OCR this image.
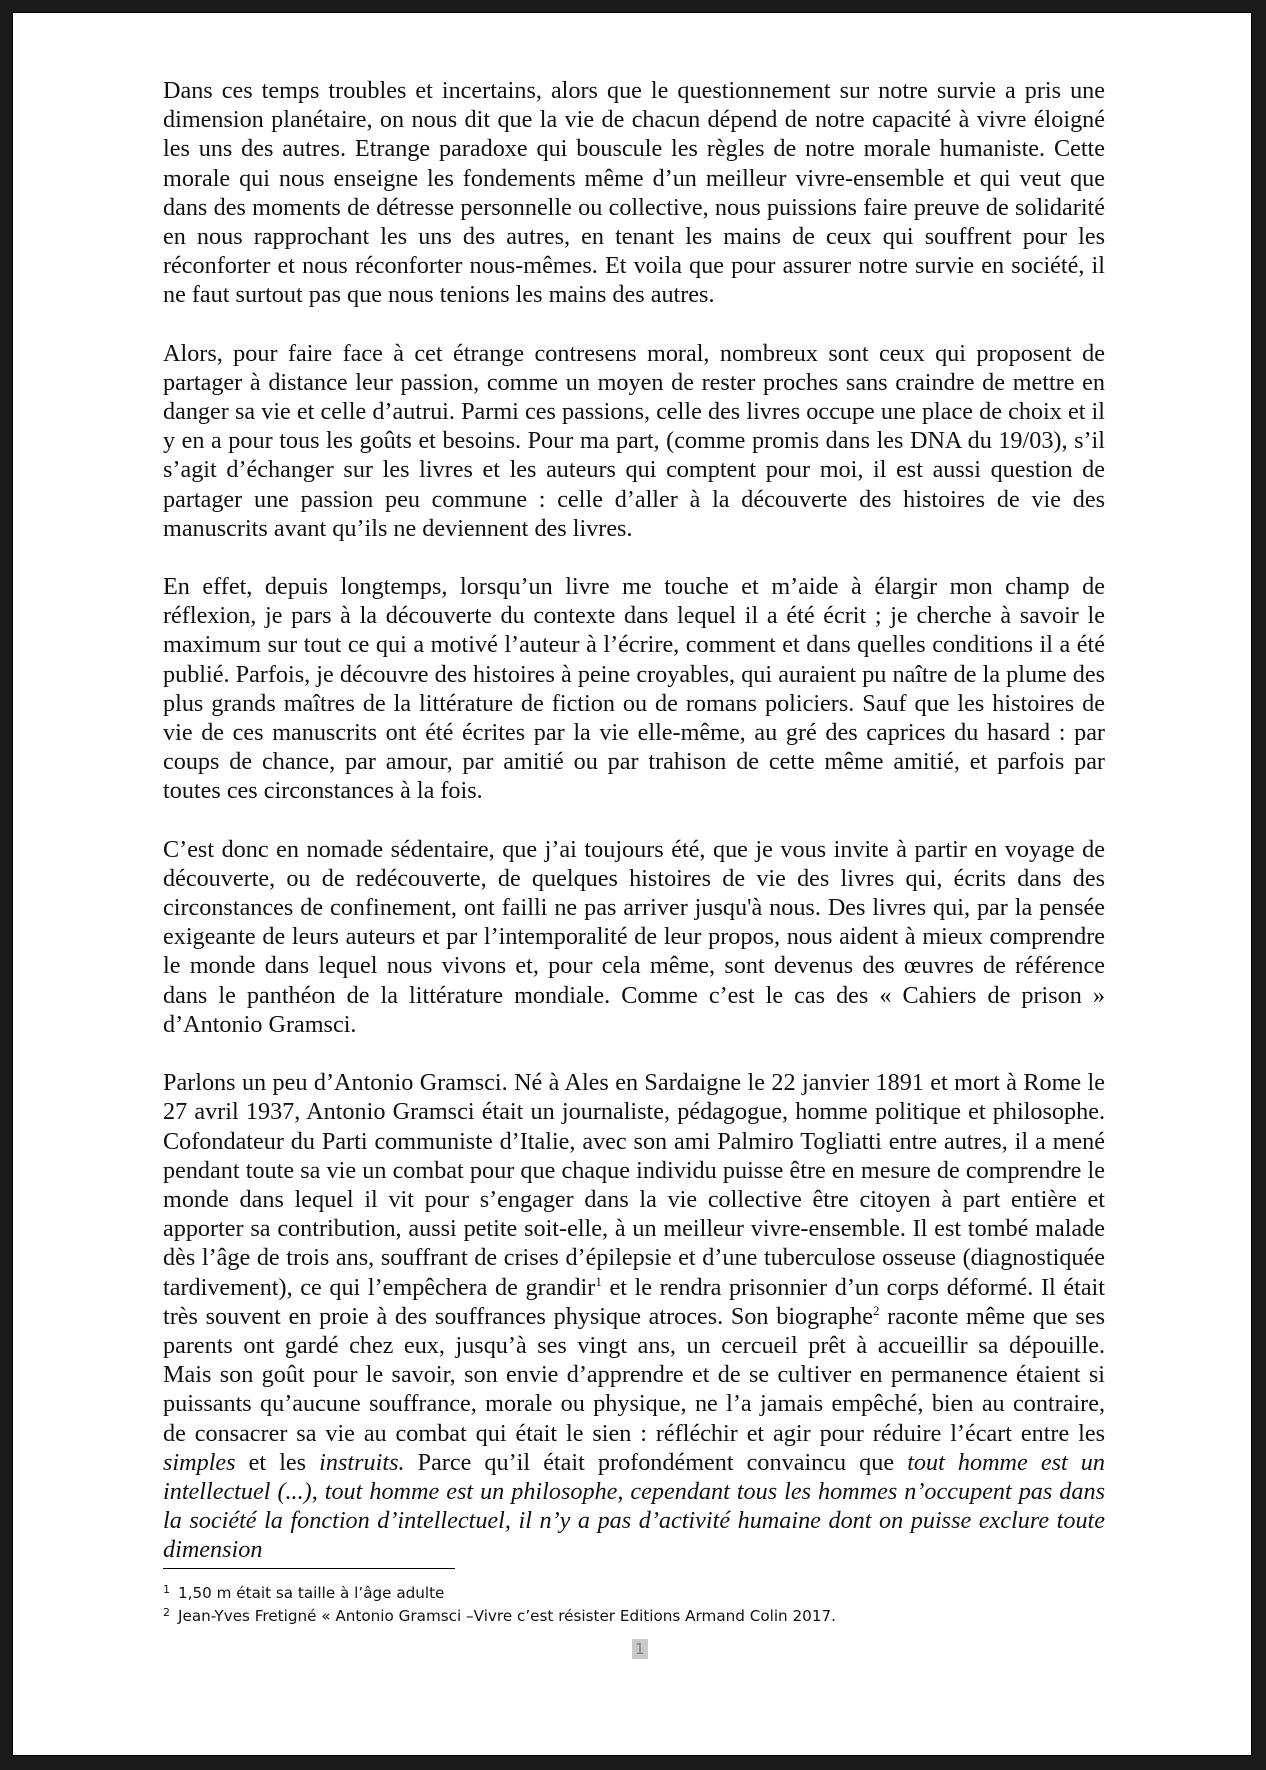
Dans ces temps troubles et incertains, alors que le questionnement sur notre survie a pris une dimension planétaire, on nous dit que la vie de chacun dépend de notre capacité à vivre éloigné les uns des autres. Etrange paradoxe qui bouscule les règles de notre morale humaniste. Cette morale qui nous enseigne les fondements même d’un meilleur vivre-ensemble et qui veut que dans des moments de détresse personnelle ou collective, nous puissions faire preuve de solidarité en nous rapprochant les uns des autres, en tenant les mains de ceux qui souffrent pour les réconforter et nous réconforter nous-mêmes. Et voila que pour assurer notre survie en société, il ne faut surtout pas que nous tenions les mains des autres.

Alors, pour faire face à cet étrange contresens moral, nombreux sont ceux qui proposent de partager à distance leur passion, comme un moyen de rester proches sans craindre de mettre en danger sa vie et celle d’autrui. Parmi ces passions, celle des livres occupe une place de choix et il y en a pour tous les goûts et besoins. Pour ma part, (comme promis dans les DNA du 19/03), s’il s’agit d’échanger sur les livres et les auteurs qui comptent pour moi, il est aussi question de partager une passion peu commune : celle d’aller à la découverte des histoires de vie des manuscrits avant qu’ils ne deviennent des livres.

En effet, depuis longtemps, lorsqu’un livre me touche et m’aide à élargir mon champ de réflexion, je pars à la découverte du contexte dans lequel il a été écrit ; je cherche à savoir le maximum sur tout ce qui a motivé l’auteur à l’écrire, comment et dans quelles conditions il a été publié. Parfois, je découvre des histoires à peine croyables, qui auraient pu naître de la plume des plus grands maîtres de la littérature de fiction ou de romans policiers. Sauf que les histoires de vie de ces manuscrits ont été écrites par la vie elle-même, au gré des caprices du hasard : par coups de chance, par amour, par amitié ou par trahison de cette même amitié, et parfois par toutes ces circonstances à la fois.

C’est donc en nomade sédentaire, que j’ai toujours été, que je vous invite à partir en voyage de découverte, ou de redécouverte, de quelques histoires de vie des livres qui, écrits dans des circonstances de confinement, ont failli ne pas arriver jusqu'à nous. Des livres qui, par la pensée exigeante de leurs auteurs et par l’intemporalité de leur propos, nous aident à mieux comprendre le monde dans lequel nous vivons et, pour cela même, sont devenus des œuvres de référence dans le panthéon de la littérature mondiale. Comme c’est le cas des « Cahiers de prison » d’Antonio Gramsci.

Parlons un peu d’Antonio Gramsci. Né à Ales en Sardaigne le 22 janvier 1891 et mort à Rome le 27 avril 1937, Antonio Gramsci était un journaliste, pédagogue, homme politique et philosophe. Cofondateur du Parti communiste d’Italie, avec son ami Palmiro Togliatti entre autres, il a mené pendant toute sa vie un combat pour que chaque individu puisse être en mesure de comprendre le monde dans lequel il vit pour s’engager dans la vie collective être citoyen à part entière et apporter sa contribution, aussi petite soit-elle, à un meilleur vivre-ensemble. Il est tombé malade dès l’âge de trois ans, souffrant de crises d’épilepsie et d’une tuberculose osseuse (diagnostiquée tardivement), ce qui l’empêchera de grandir$^1$ et le rendra prisonnier d’un corps déformé. Il était très souvent en proie à des souffrances physique atroces. Son biographe$^2$ raconte même que ses parents ont gardé chez eux, jusqu’à ses vingt ans, un cercueil prêt à accueillir sa dépouille.    Mais son goût pour le savoir, son envie d’apprendre et de se cultiver en permanence étaient si puissants qu’aucune souffrance, morale ou physique, ne l’a jamais empêché, bien au contraire, de consacrer sa vie au combat qui était le sien : réfléchir et agir pour réduire l’écart entre les simples et les instruits. Parce qu’il était profondément convaincu que tout homme est un intellectuel (...), tout homme est un philosophe, cependant tous les hommes n’occupent pas dans la société la fonction d’intellectuel, il n’y a pas d’activité humaine dont on puisse exclure toute dimension

$^1$ 1,50 m était sa taille à l’âge adulte
$^2$ Jean-Yves Fretigné « Antonio Gramsci –Vivre c’est résister Editions Armand Colin 2017.
1
